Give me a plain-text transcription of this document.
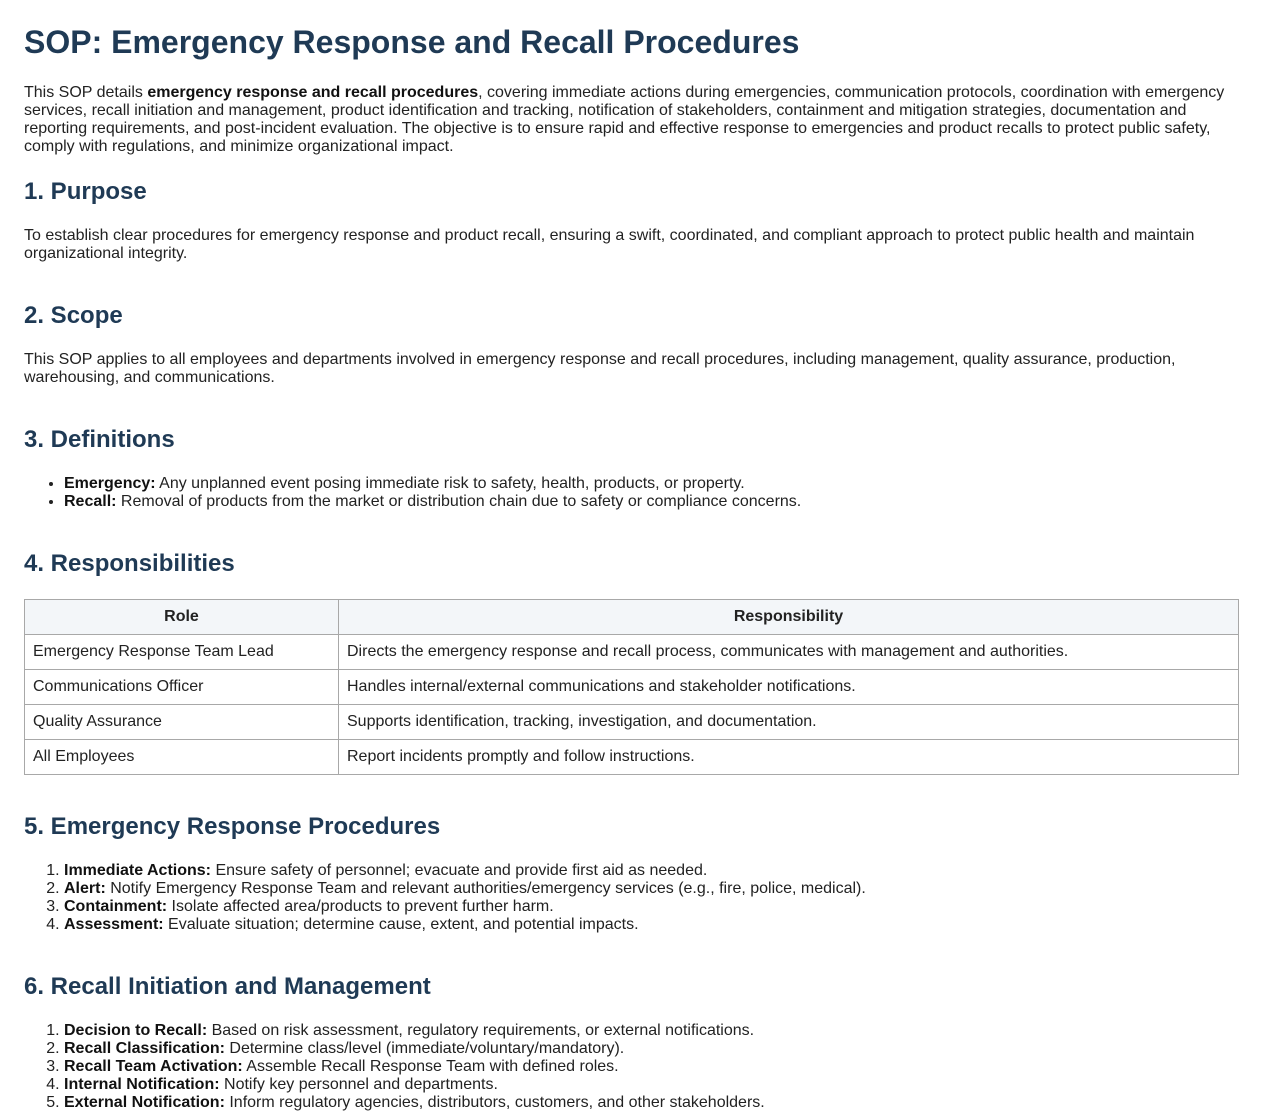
SOP: Emergency Response and Recall Procedures

This SOP details emergency response and recall procedures, covering immediate actions during emergencies, communication protocols, coordination with emergency services, recall initiation and management, product identification and tracking, notification of stakeholders, containment and mitigation strategies, documentation and reporting requirements, and post-incident evaluation. The objective is to ensure rapid and effective response to emergencies and product recalls to protect public safety, comply with regulations, and minimize organizational impact.

1. Purpose

To establish clear procedures for emergency response and product recall, ensuring a swift, coordinated, and compliant approach to protect public health and maintain organizational integrity.

2. Scope

This SOP applies to all employees and departments involved in emergency response and recall procedures, including management, quality assurance, production, warehousing, and communications.

3. Definitions
• Emergency: Any unplanned event posing immediate risk to safety, health, products, or property.
• Recall: Removal of products from the market or distribution chain due to safety or compliance concerns.
4. Responsibilities
Role	Responsibility
Emergency Response Team Lead	Directs the emergency response and recall process, communicates with management and authorities.
Communications Officer	Handles internal/external communications and stakeholder notifications.
Quality Assurance	Supports identification, tracking, investigation, and documentation.
All Employees	Report incidents promptly and follow instructions.
5. Emergency Response Procedures
1. Immediate Actions: Ensure safety of personnel; evacuate and provide first aid as needed.
2. Alert: Notify Emergency Response Team and relevant authorities/emergency services (e.g., fire, police, medical).
3. Containment: Isolate affected area/products to prevent further harm.
4. Assessment: Evaluate situation; determine cause, extent, and potential impacts.
6. Recall Initiation and Management
1. Decision to Recall: Based on risk assessment, regulatory requirements, or external notifications.
2. Recall Classification: Determine class/level (immediate/voluntary/mandatory).
3. Recall Team Activation: Assemble Recall Response Team with defined roles.
4. Internal Notification: Notify key personnel and departments.
5. External Notification: Inform regulatory agencies, distributors, customers, and other stakeholders.
